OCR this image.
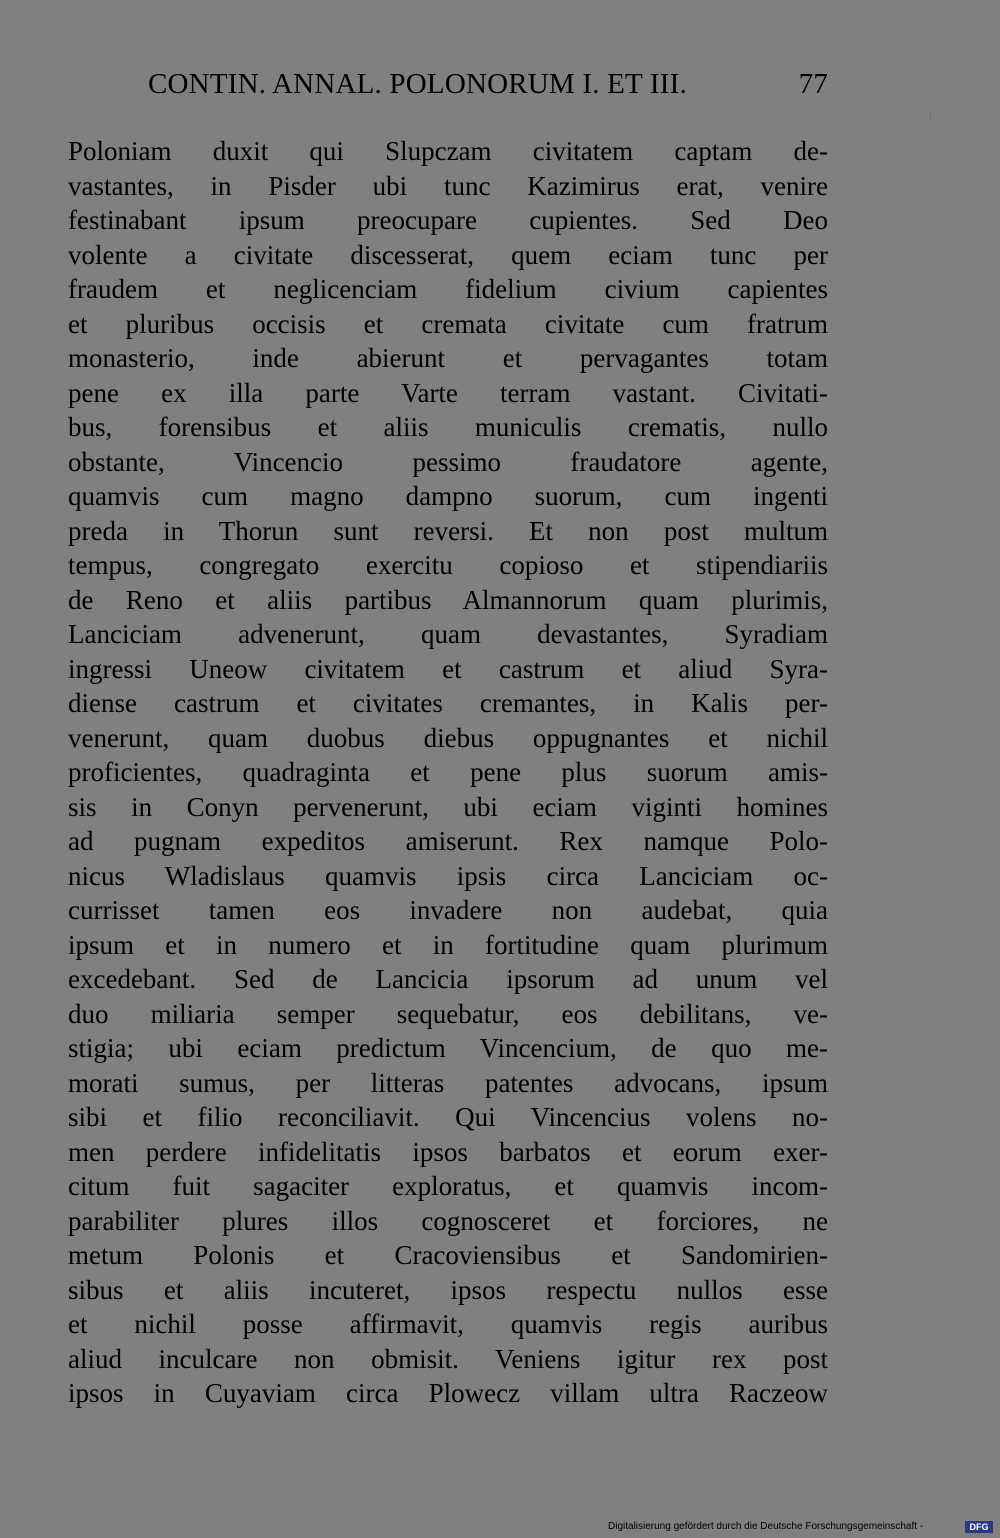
CONTIN. ANNAL. POLONORUM I. ET III.	77
Poloniam duxit qui Slupczam civitatem captam de-
vastantes, in Pisder ubi tunc Kazimirus erat, venire
festinabant ipsum preocupare cupientes. Sed Deo
volente a civitate discesserat, quem eciam tunc per
fraudem et neglicenciam fidelium civium capientes
et pluribus occisis et cremata civitate cum fratrum
monasterio, inde abierunt et pervagantes totam
pene ex illa parte Varte terram vastant. Civitati-
bus, forensibus et aliis municulis crematis, nullo
obstante, Vincencio pessimo fraudatore agente,
quamvis cum magno dampno suorum, cum ingenti
preda in Thorun sunt reversi. Et non post multum
tempus, congregato exercitu copioso et stipendiariis
de Reno et aliis partibus Almannorum quam plurimis,
Lanciciam advenerunt, quam devastantes, Syradiam
ingressi Uneow civitatem et castrum et aliud Syra-
diense castrum et civitates cremantes, in Kalis per-
venerunt, quam duobus diebus oppugnantes et nichil
proficientes, quadraginta et pene plus suorum amis-
sis in Conyn pervenerunt, ubi eciam viginti homines
ad pugnam expeditos amiserunt. Rex namque Polo-
nicus Wladislaus quamvis ipsis circa Lanciciam oc-
currisset tamen eos invadere non audebat, quia
ipsum et in numero et in fortitudine quam plurimum
excedebant. Sed de Lancicia ipsorum ad unum vel
duo miliaria semper sequebatur, eos debilitans, ve-
stigia; ubi eciam predictum Vincencium, de quo me-
morati sumus, per litteras patentes advocans, ipsum
sibi et filio reconciliavit. Qui Vincencius volens no-
men perdere infidelitatis ipsos barbatos et eorum exer-
citum fuit sagaciter exploratus, et quamvis incom-
parabiliter plures illos cognosceret et forciores, ne
metum Polonis et Cracoviensibus et Sandomirien-
sibus et aliis incuteret, ipsos respectu nullos esse
et nichil posse affirmavit, quamvis regis auribus
aliud inculcare non obmisit. Veniens igitur rex post
ipsos in Cuyaviam circa Plowecz villam ultra Raczeow
Digitalisierung gefördert durch die Deutsche Forschungsgemeinschaft -	DFG
